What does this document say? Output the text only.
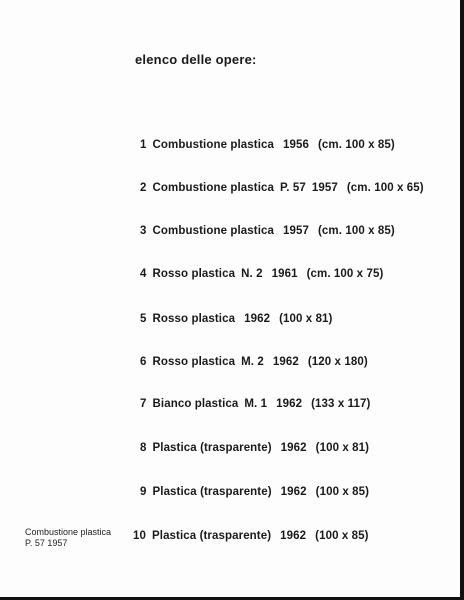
elenco delle opere:
1 Combustione plastica 1956 (cm. 100 x 85)
2 Combustione plastica P. 57 1957 (cm. 100 x 65)
3 Combustione plastica 1957 (cm. 100 x 85)
4 Rosso plastica N. 2 1961 (cm. 100 x 75)
5 Rosso plastica 1962 (100 x 81)
6 Rosso plastica M. 2 1962 (120 x 180)
7 Bianco plastica M. 1 1962 (133 x 117)
8 Plastica (trasparente) 1962 (100 x 81)
9 Plastica (trasparente) 1962 (100 x 85)
10 Plastica (trasparente) 1962 (100 x 85)
Combustione plastica
P. 57 1957
